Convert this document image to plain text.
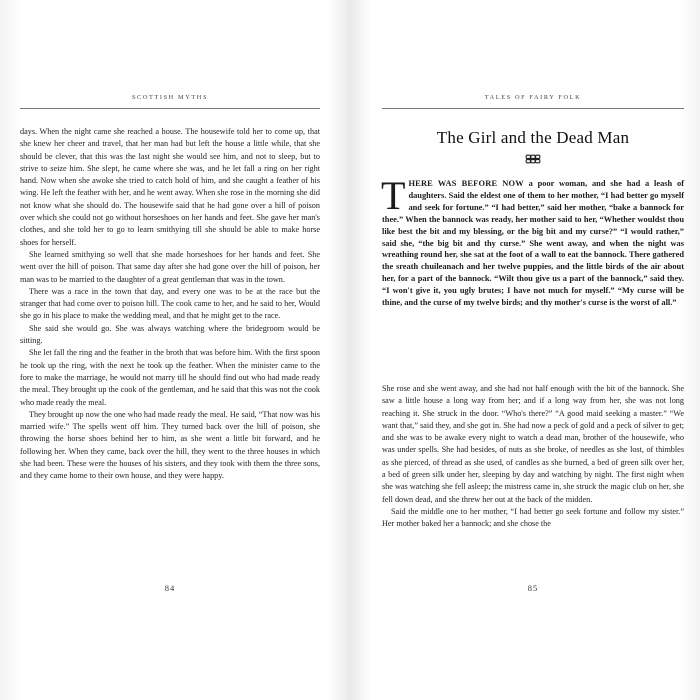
SCOTTISH MYTHS

days. When the night came she reached a house. The housewife told her to come up, that she knew her cheer and travel, that her man had but left the house a little while, that she should be clever, that this was the last night she would see him, and not to sleep, but to strive to seize him. She slept, he came where she was, and he let fall a ring on her right hand. Now when she awoke she tried to catch hold of him, and she caught a feather of his wing. He left the feather with her, and he went away. When she rose in the morning she did not know what she should do. The housewife said that he had gone over a hill of poison over which she could not go without horseshoes on her hands and feet. She gave her man's clothes, and she told her to go to learn smithying till she should be able to make horse shoes for herself.

She learned smithying so well that she made horseshoes for her hands and feet. She went over the hill of poison. That same day after she had gone over the hill of poison, her man was to be married to the daughter of a great gentleman that was in the town.

There was a race in the town that day, and every one was to be at the race but the stranger that had come over to poison hill. The cook came to her, and he said to her, Would she go in his place to make the wedding meal, and that he might get to the race.

She said she would go. She was always watching where the bridegroom would be sitting.

She let fall the ring and the feather in the broth that was before him. With the first spoon he took up the ring, with the next he took up the feather. When the minister came to the fore to make the marriage, he would not marry till he should find out who had made ready the meal. They brought up the cook of the gentleman, and he said that this was not the cook who made ready the meal.

They brought up now the one who had made ready the meal. He said, “That now was his married wife.” The spells went off him. They turned back over the hill of poison, she throwing the horse shoes behind her to him, as she went a little bit forward, and he following her. When they came, back over the hill, they went to the three houses in which she had been. These were the houses of his sisters, and they took with them the three sons, and they came home to their own house, and they were happy.

84
TALES OF FAIRY FOLK
The Girl and the Dead Man
THERE WAS BEFORE NOW a poor woman, and she had a leash of daughters. Said the eldest one of them to her mother, “I had better go myself and seek for fortune.” “I had better,” said her mother, “bake a bannock for thee.” When the bannock was ready, her mother said to her, “Whether wouldst thou like best the bit and my blessing, or the big bit and my curse?” “I would rather,” said she, “the big bit and thy curse.” She went away, and when the night was wreathing round her, she sat at the foot of a wall to eat the bannock. There gathered the sreath chuileanach and her twelve puppies, and the little birds of the air about her, for a part of the bannock. “Wilt thou give us a part of the bannock,” said they. “I won't give it, you ugly brutes; I have not much for myself.” “My curse will be thine, and the curse of my twelve birds; and thy mother's curse is the worst of all.”

She rose and she went away, and she had not half enough with the bit of the bannock. She saw a little house a long way from her; and if a long way from her, she was not long reaching it. She struck in the door. “Who's there?” “A good maid seeking a master.” “We want that,” said they, and she got in. She had now a peck of gold and a peck of silver to get; and she was to be awake every night to watch a dead man, brother of the housewife, who was under spells. She had besides, of nuts as she broke, of needles as she lost, of thimbles as she pierced, of thread as she used, of candles as she burned, a bed of green silk over her, a bed of green silk under her, sleeping by day and watching by night. The first night when she was watching she fell asleep; the mistress came in, she struck the magic club on her, she fell down dead, and she threw her out at the back of the midden.

Said the middle one to her mother, “I had better go seek fortune and follow my sister.” Her mother baked her a bannock; and she chose the

85
